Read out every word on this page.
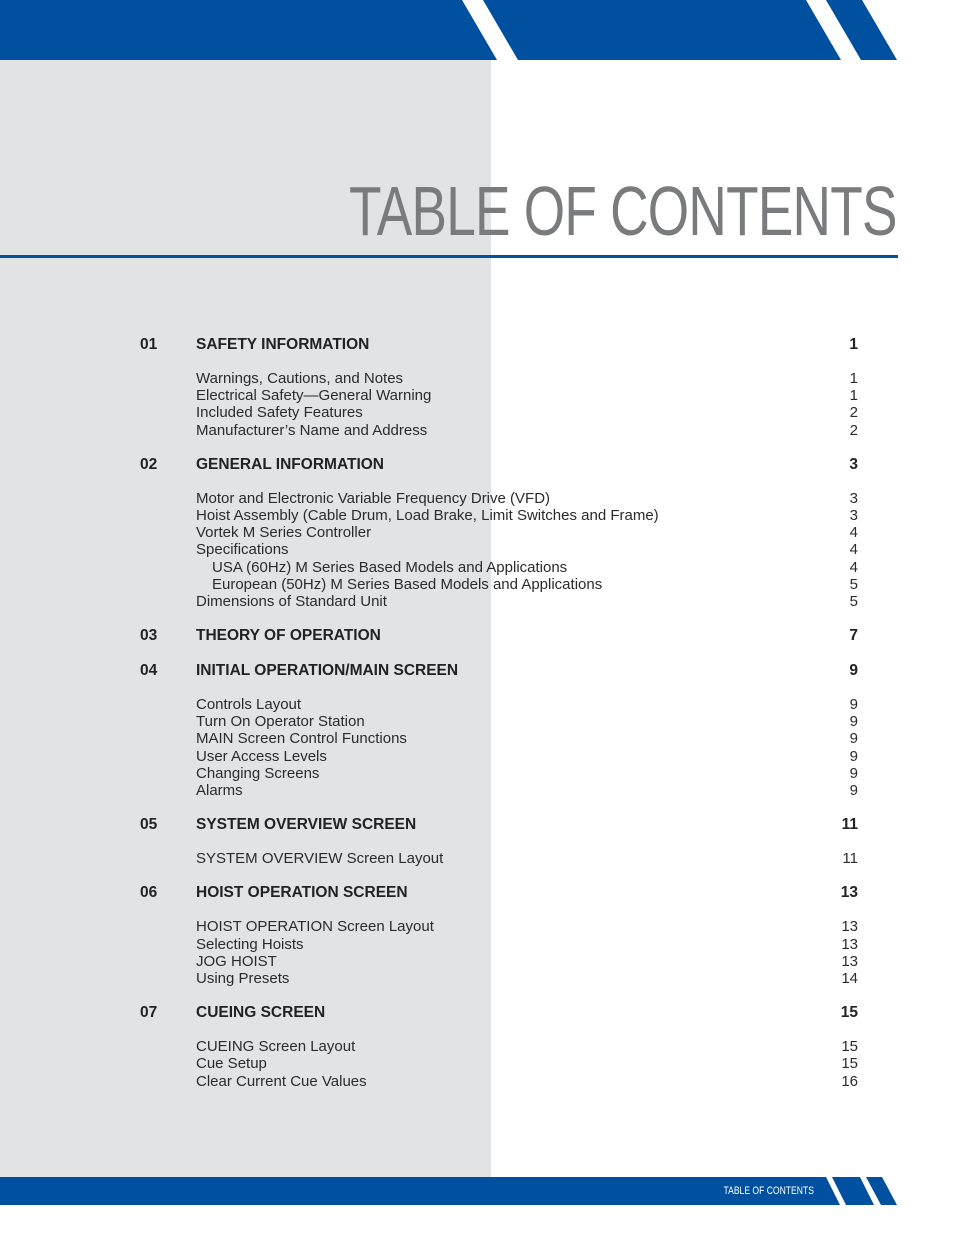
TABLE OF CONTENTS
01	SAFETY INFORMATION	1
Warnings, Cautions, and Notes	1
Electrical Safety—General Warning	1
Included Safety Features	2
Manufacturer’s Name and Address	2
02	GENERAL INFORMATION	3
Motor and Electronic Variable Frequency Drive (VFD)	3
Hoist Assembly (Cable Drum, Load Brake, Limit Switches and Frame)	3
Vortek M Series Controller	4
Specifications	4
USA (60Hz) M Series Based Models and Applications	4
European (50Hz) M Series Based Models and Applications	5
Dimensions of Standard Unit	5
03	THEORY OF OPERATION	7
04	INITIAL OPERATION/MAIN SCREEN	9
Controls Layout	9
Turn On Operator Station	9
MAIN Screen Control Functions	9
User Access Levels	9
Changing Screens	9
Alarms	9
05	SYSTEM OVERVIEW SCREEN	11
SYSTEM OVERVIEW Screen Layout	11
06	HOIST OPERATION SCREEN	13
HOIST OPERATION Screen Layout	13
Selecting Hoists	13
JOG HOIST	13
Using Presets	14
07	CUEING SCREEN	15
CUEING Screen Layout	15
Cue Setup	15
Clear Current Cue Values	16
TABLE OF CONTENTS
